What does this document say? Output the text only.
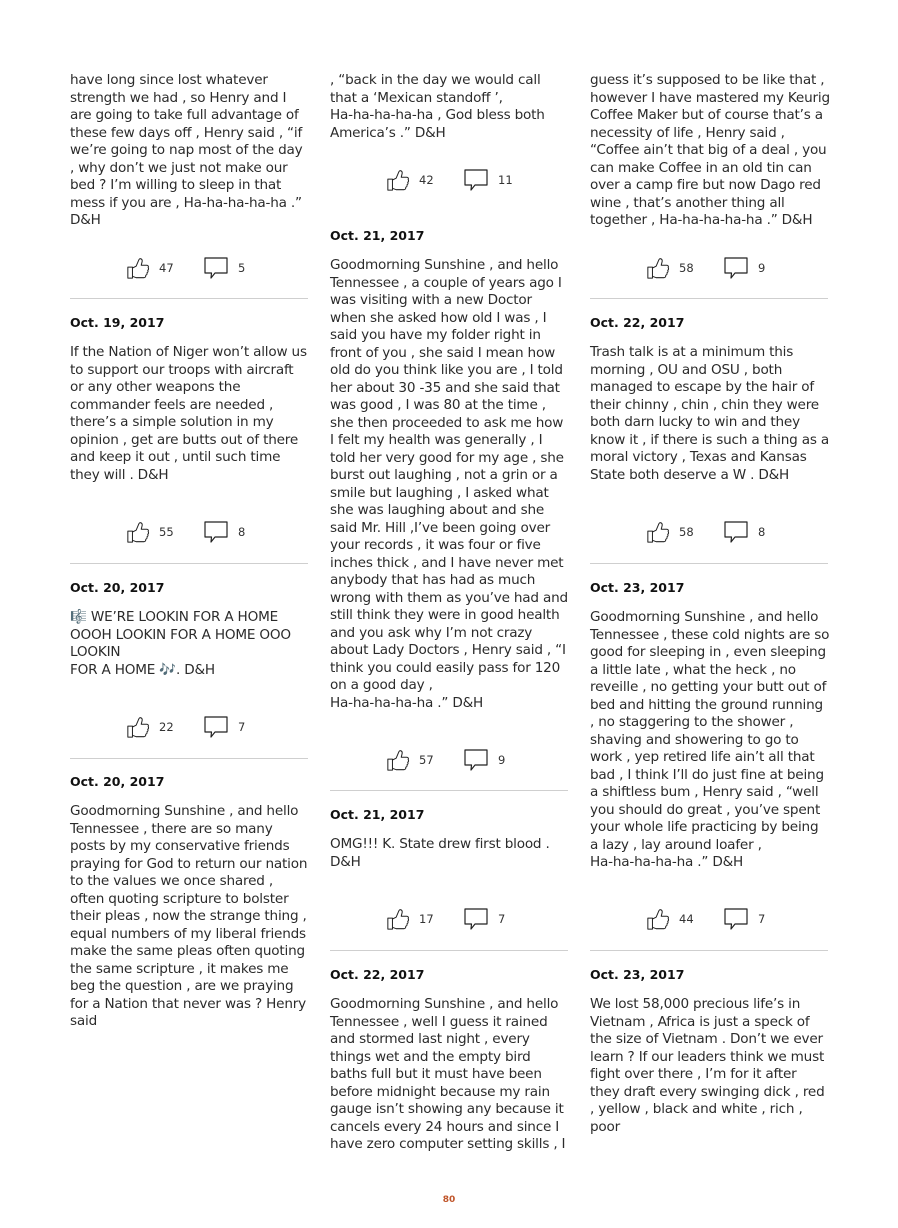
have long since lost whatever strength we had , so Henry and I are going to take full advantage of these few days off , Henry said , “if we’re going to nap most of the day , why don’t we just not make our bed ? I’m willing to sleep in that mess if you are , Ha-ha-ha-ha-ha .” D&H

47	5
Oct. 19, 2017

If the Nation of Niger won’t allow us to support our troops with aircraft or any other weapons the commander feels are needed , there’s a simple solution in my opinion , get are butts out of there and keep it out , until such time they will . D&H

55	8
Oct. 20, 2017

🎼 WE’RE LOOKIN FOR A HOME OOOH LOOKIN FOR A HOME OOO LOOKIN
FOR A HOME 🎶. D&H

22	7
Oct. 20, 2017

Goodmorning Sunshine , and hello Tennessee , there are so many posts by my conservative friends praying for God to return our nation to the values we once shared , often quoting scripture to bolster their pleas , now the strange thing , equal numbers of my liberal friends make the same pleas often quoting the same scripture , it makes me beg the question , are we praying for a Nation that never was ? Henry said

, “back in the day we would call that a ‘Mexican standoff ’,
Ha-ha-ha-ha-ha , God bless both America’s .” D&H

42	11
Oct. 21, 2017

Goodmorning Sunshine , and hello Tennessee , a couple of years ago I was visiting with a new Doctor when she asked how old I was , I said you have my folder right in front of you , she said I mean how old do you think like you are , I told her about 30 -35 and she said that was good , I was 80 at the time , she then proceeded to ask me how I felt my health was generally , I told her very good for my age , she burst out laughing , not a grin or a smile but laughing , I asked what she was laughing about and she said Mr. Hill ,I’ve been going over your records , it was four or five inches thick , and I have never met anybody that has had as much wrong with them as you’ve had and still think they were in good health and you ask why I’m not crazy about Lady Doctors , Henry said , “I think you could easily pass for 120 on a good day ,
Ha-ha-ha-ha-ha .” D&H

57	9
Oct. 21, 2017

OMG!!! K. State drew first blood .
D&H

17	7
Oct. 22, 2017

Goodmorning Sunshine , and hello Tennessee , well I guess it rained and stormed last night , every things wet and the empty bird baths full but it must have been before midnight because my rain gauge isn’t showing any because it cancels every 24 hours and since I have zero computer setting skills , I

guess it’s supposed to be like that , however I have mastered my Keurig Coffee Maker but of course that’s a necessity of life , Henry said , “Coffee ain’t that big of a deal , you can make Coffee in an old tin can over a camp fire but now Dago red wine , that’s another thing all together , Ha-ha-ha-ha-ha .” D&H

58	9
Oct. 22, 2017

Trash talk is at a minimum this morning , OU and OSU , both managed to escape by the hair of their chinny , chin , chin they were both darn lucky to win and they know it , if there is such a thing as a moral victory , Texas and Kansas State both deserve a W . D&H

58	8
Oct. 23, 2017

Goodmorning Sunshine , and hello Tennessee , these cold nights are so good for sleeping in , even sleeping a little late , what the heck , no reveille , no getting your butt out of bed and hitting the ground running , no staggering to the shower , shaving and showering to go to work , yep retired life ain’t all that bad , I think I’ll do just fine at being a shiftless bum , Henry said , “well you should do great , you’ve spent your whole life practicing by being a lazy , lay around loafer ,
Ha-ha-ha-ha-ha .” D&H

44	7
Oct. 23, 2017

We lost 58,000 precious life’s in Vietnam , Africa is just a speck of the size of Vietnam . Don’t we ever learn ? If our leaders think we must fight over there , I’m for it after they draft every swinging dick , red , yellow , black and white , rich , poor

80
